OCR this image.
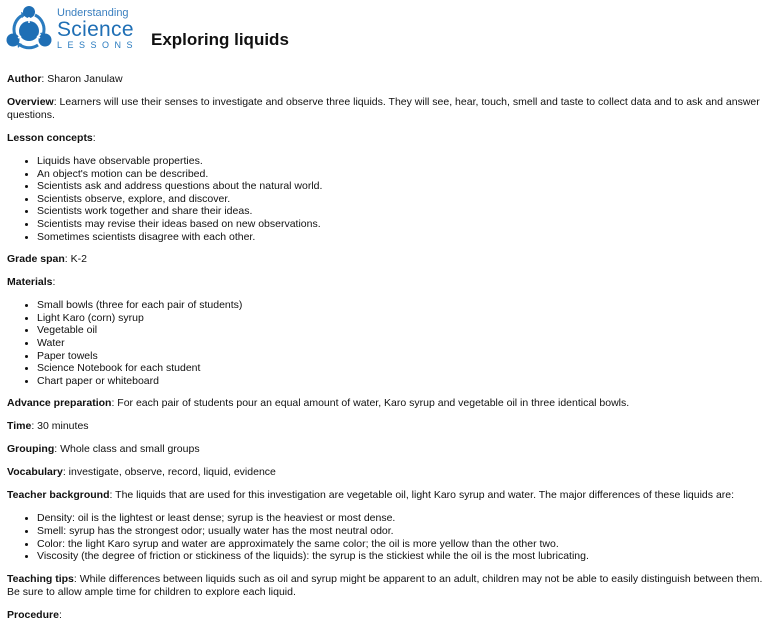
Understanding
Science
LESSONS Exploring liquids

Author: Sharon Janulaw

Overview: Learners will use their senses to investigate and observe three liquids. They will see, hear, touch, smell and taste to collect data and to ask and answer questions.

Lesson concepts:

• Liquids have observable properties.
• An object's motion can be described.
• Scientists ask and address questions about the natural world.
• Scientists observe, explore, and discover.
• Scientists work together and share their ideas.
• Scientists may revise their ideas based on new observations.
• Sometimes scientists disagree with each other.

Grade span: K-2

Materials:

• Small bowls (three for each pair of students)
• Light Karo (corn) syrup
• Vegetable oil
• Water
• Paper towels
• Science Notebook for each student
• Chart paper or whiteboard

Advance preparation: For each pair of students pour an equal amount of water, Karo syrup and vegetable oil in three identical bowls.

Time: 30 minutes

Grouping: Whole class and small groups

Vocabulary: investigate, observe, record, liquid, evidence

Teacher background: The liquids that are used for this investigation are vegetable oil, light Karo syrup and water. The major differences of these liquids are:

• Density: oil is the lightest or least dense; syrup is the heaviest or most dense.
• Smell: syrup has the strongest odor; usually water has the most neutral odor.
• Color: the light Karo syrup and water are approximately the same color; the oil is more yellow than the other two.
• Viscosity (the degree of friction or stickiness of the liquids): the syrup is the stickiest while the oil is the most lubricating.

Teaching tips: While differences between liquids such as oil and syrup might be apparent to an adult, children may not be able to easily distinguish between them. Be sure to allow ample time for children to explore each liquid.

Procedure:
